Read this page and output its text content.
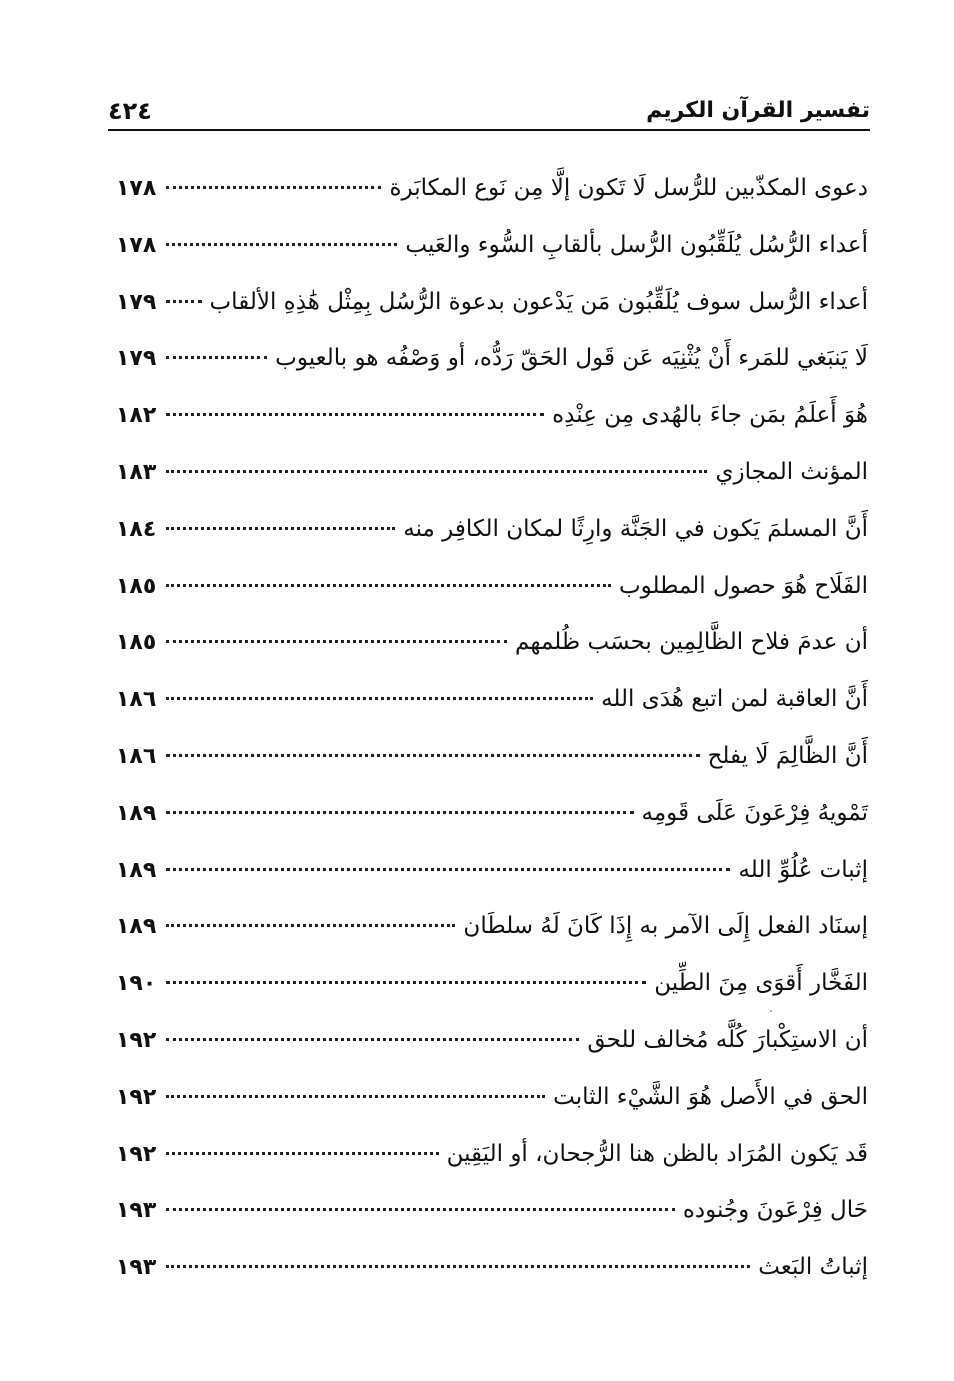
تفسير القرآن الكريم
٤٢٤
دعوى المكذّبين للرُّسل لَا تَكون إلَّا مِن نَوع المكابَرة
١٧٨
أعداء الرُّسُل يُلَقِّبُون الرُّسل بألقابِ السُّوء والعَيب
١٧٨
أعداء الرُّسل سوف يُلَقِّبُون مَن يَدْعون بدعوة الرُّسُل بِمِثْل هَٰذِهِ الألقاب
١٧٩
لَا يَنبَغي للمَرء أَنْ يُثْنِيَه عَن قَول الحَقّ رَدُّه، أو وَصْفُه هو بالعيوب
١٧٩
هُوَ أَعلَمُ بمَن جاءَ بالهُدى مِن عِنْدِه
١٨٢
المؤنث المجازي
١٨٣
أَنَّ المسلمَ يَكون في الجَنَّة وارِثًا لمكان الكافِر منه
١٨٤
الفَلَاح هُوَ حصول المطلوب
١٨٥
أن عدمَ فلاح الظَّالِمِين بحسَب ظُلمهم
١٨٥
أَنَّ العاقبة لمن اتبع هُدَى الله
١٨٦
أَنَّ الظَّالِمَ لَا يفلح
١٨٦
تَمْويهُ فِرْعَونَ عَلَى قَومِه
١٨٩
إثبات عُلُوِّ الله
١٨٩
إسنَاد الفعل إِلَى الآمر به إِذَا كَانَ لَهُ سلطَان
١٨٩
الفَخَّار أَقوَى مِنَ الطِّين
١٩٠
أن الاستِكْبارَ كُلَّه مُخالف للحق
١٩٢
الحق في الأَصل هُوَ الشَّيْء الثابت
١٩٢
قَد يَكون المُرَاد بالظن هنا الرُّجحان، أو اليَقِين
١٩٢
حَال فِرْعَونَ وجُنوده
١٩٣
إثباتُ البَعث
١٩٣
